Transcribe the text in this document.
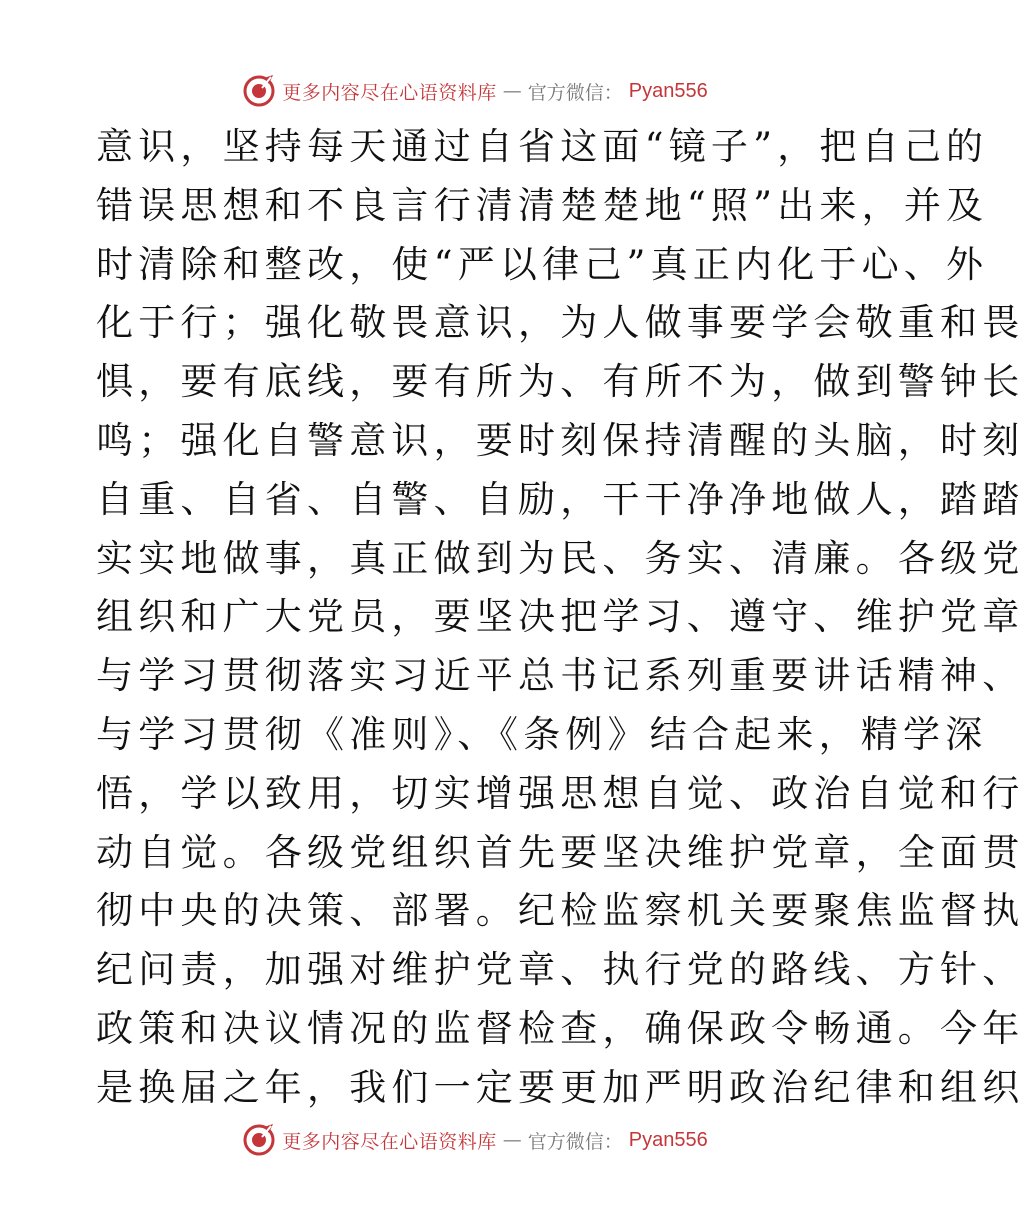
更多内容尽在心语资料库 — 官方微信： Pyan556
意识，坚持每天通过自省这面“镜子”，把自己的
错误思想和不良言行清清楚楚地“照”出来，并及
时清除和整改，使“严以律己”真正内化于心、外
化于行；强化敬畏意识，为人做事要学会敬重和畏
惧，要有底线，要有所为、有所不为，做到警钟长
鸣；强化自警意识，要时刻保持清醒的头脑，时刻
自重、自省、自警、自励，干干净净地做人，踏踏
实实地做事，真正做到为民、务实、清廉。各级党
组织和广大党员，要坚决把学习、遵守、维护党章
与学习贯彻落实习近平总书记系列重要讲话精神、
与学习贯彻《准则》、《条例》结合起来，精学深
悟，学以致用，切实增强思想自觉、政治自觉和行
动自觉。各级党组织首先要坚决维护党章，全面贯
彻中央的决策、部署。纪检监察机关要聚焦监督执
纪问责，加强对维护党章、执行党的路线、方针、
政策和决议情况的监督检查，确保政令畅通。今年
是换届之年，我们一定要更加严明政治纪律和组织
更多内容尽在心语资料库 — 官方微信： Pyan556
